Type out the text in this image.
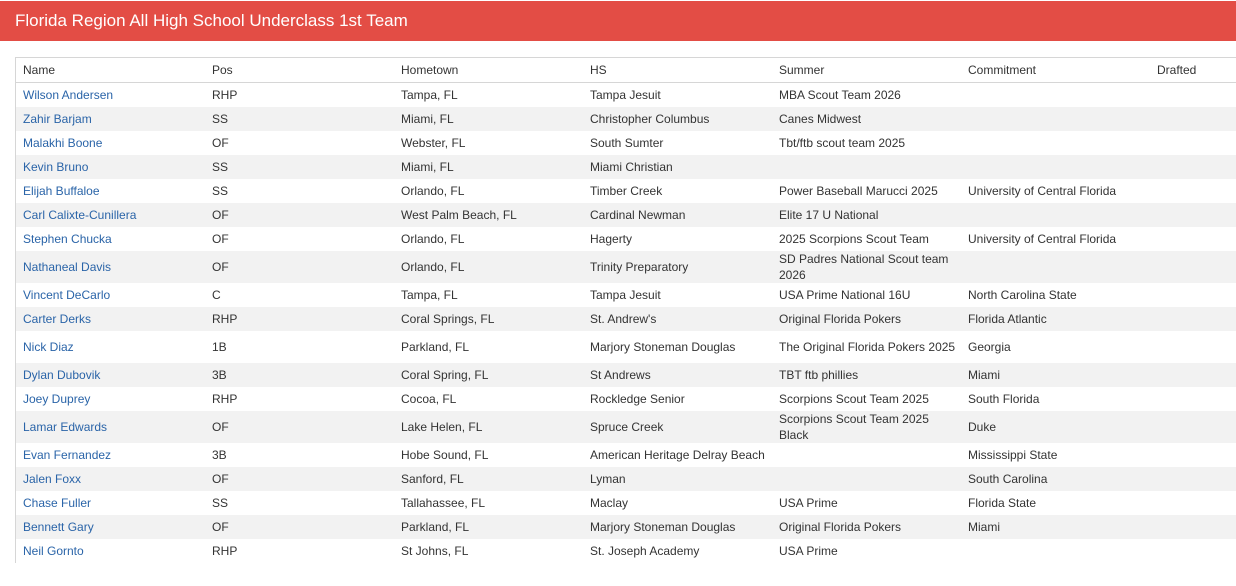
Florida Region All High School Underclass 1st Team
Name	Pos	Hometown	HS	Summer	Commitment	Drafted
Wilson Andersen	RHP	Tampa, FL	Tampa Jesuit	MBA Scout Team 2026		
Zahir Barjam	SS	Miami, FL	Christopher Columbus	Canes Midwest		
Malakhi Boone	OF	Webster, FL	South Sumter	Tbt/ftb scout team 2025		
Kevin Bruno	SS	Miami, FL	Miami Christian			
Elijah Buffaloe	SS	Orlando, FL	Timber Creek	Power Baseball Marucci 2025	University of Central Florida	
Carl Calixte-Cunillera	OF	West Palm Beach, FL	Cardinal Newman	Elite 17 U National		
Stephen Chucka	OF	Orlando, FL	Hagerty	2025 Scorpions Scout Team	University of Central Florida	
Nathaneal Davis	OF	Orlando, FL	Trinity Preparatory	SD Padres National Scout team 2026		
Vincent DeCarlo	C	Tampa, FL	Tampa Jesuit	USA Prime National 16U	North Carolina State	
Carter Derks	RHP	Coral Springs, FL	St. Andrew's	Original Florida Pokers	Florida Atlantic	
Nick Diaz	1B	Parkland, FL	Marjory Stoneman Douglas	The Original Florida Pokers 2025	Georgia	
Dylan Dubovik	3B	Coral Spring, FL	St Andrews	TBT ftb phillies	Miami	
Joey Duprey	RHP	Cocoa, FL	Rockledge Senior	Scorpions Scout Team 2025	South Florida	
Lamar Edwards	OF	Lake Helen, FL	Spruce Creek	Scorpions Scout Team 2025 Black	Duke	
Evan Fernandez	3B	Hobe Sound, FL	American Heritage Delray Beach		Mississippi State	
Jalen Foxx	OF	Sanford, FL	Lyman		South Carolina	
Chase Fuller	SS	Tallahassee, FL	Maclay	USA Prime	Florida State	
Bennett Gary	OF	Parkland, FL	Marjory Stoneman Douglas	Original Florida Pokers	Miami	
Neil Gornto	RHP	St Johns, FL	St. Joseph Academy	USA Prime		
